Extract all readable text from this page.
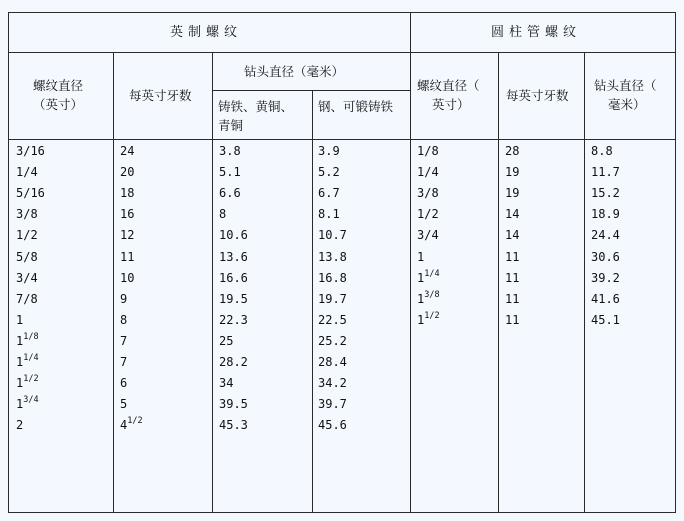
英制螺纹	圆柱管螺纹
螺纹直径
（英寸）
每英寸牙数
钻头直径（毫米）
铸铁、黄铜、
青铜
钢、可锻铸铁
螺纹直径（
英寸）
每英寸牙数
钻头直径（
毫米）
3/16
1/4
5/16
3/8
1/2
5/8
3/4
7/8
1
$1^{1/8}$
$1^{1/4}$
$1^{1/2}$
$1^{3/4}$
2
24
20
18
16
12
11
10
9
8
7
7
6
5
$4^{1/2}$
3.8
5.1
6.6
8
10.6
13.6
16.6
19.5
22.3
25
28.2
34
39.5
45.3
3.9
5.2
6.7
8.1
10.7
13.8
16.8
19.7
22.5
25.2
28.4
34.2
39.7
45.6
1/8
1/4
3/8
1/2
3/4
1
$1^{1/4}$
$1^{3/8}$
$1^{1/2}$
28
19
19
14
14
11
11
11
11
8.8
11.7
15.2
18.9
24.4
30.6
39.2
41.6
45.1
